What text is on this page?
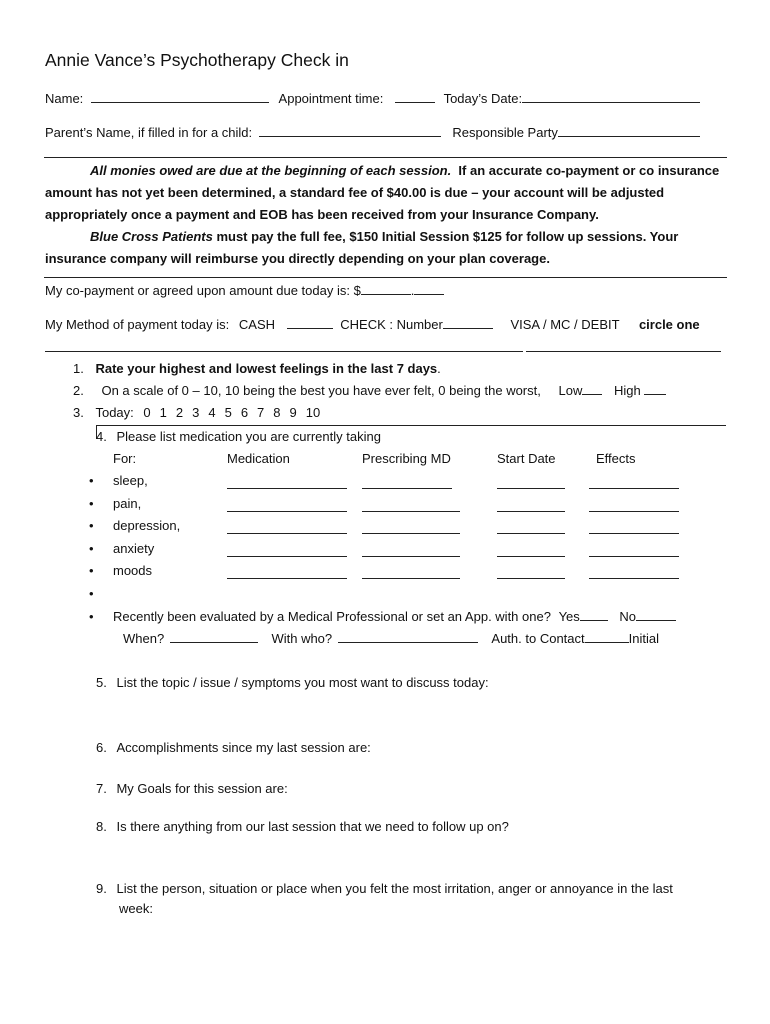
Annie Vance’s Psychotherapy Check in
Name:	Appointment time:	Today’s Date:
Parent’s Name, if filled in for a child:	Responsible Party
All monies owed are due at the beginning of each session. If an accurate co-payment or co insurance
amount has not yet been determined, a standard fee of $40.00 is due – your account will be adjusted
appropriately once a payment and EOB has been received from your Insurance Company.
Blue Cross Patients must pay the full fee, $150 Initial Session $125 for follow up sessions. Your
insurance company will reimburse you directly depending on your plan coverage.
My co-payment or agreed upon amount due today is: $	.
My Method of payment today is: CASH	CHECK : Number	VISA / MC / DEBIT circle one
1. Rate your highest and lowest feelings in the last 7 days.
2. On a scale of 0 – 10, 10 being the best you have ever felt, 0 being the worst, Low High
3. Today: 0 1 2 3 4 5 6 7 8 9 10
4. Please list medication you are currently taking
For:	Medication	Prescribing MD	Start Date	Effects
• sleep,
• pain,
• depression,
• anxiety
• moods
•
• Recently been evaluated by a Medical Professional or set an App. with one? Yes	No
When?	With who?	Auth. to Contact	Initial
5. List the topic / issue / symptoms you most want to discuss today:
6. Accomplishments since my last session are:
7. My Goals for this session are:
8. Is there anything from our last session that we need to follow up on?
9. List the person, situation or place when you felt the most irritation, anger or annoyance in the last
week:
